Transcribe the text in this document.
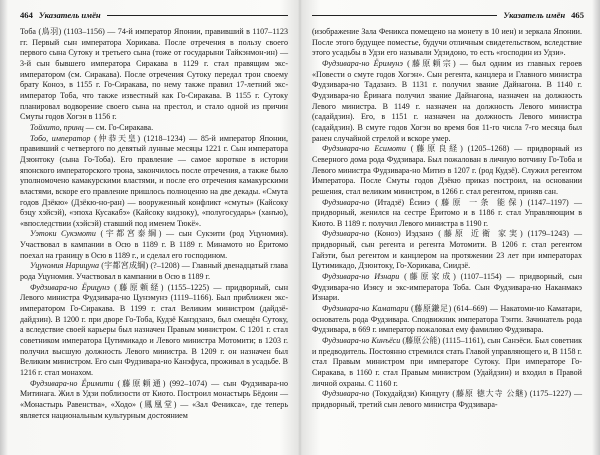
464 Указатель имён

Тоба (鳥羽) (1103–1156) — 74-й император Японии, правивший в 1107–1123 гг. Первый сын императора Хорикава. После отречения в пользу своего первого сына Сутоку и третьего сына (тоже от государыни Тайкэнмон-ин) — 3-й сын бывшего императора Сиракава в 1129 г. стал правящим экс-императором (см. Сиракава). После отречения Сутоку передал трон своему брату Коноэ, в 1155 г. Го-Сиракава, по нему также правил 17-летний экс-император Тоба, что также известный как Го-Сиракава. В 1155 г. Сутоку планировал водворение своего сына на престол, и стало одной из причин Смуты годов Хогэн в 1156 г.

Тойхито, принц — см. Го-Сиракава.

Тобо, император (仲恭天皇) (1218–1234) — 85-й император Японии, правивший с четвертого по девятый лунные месяцы 1221 г. Сын императора Дзюнтоку (сына Го-Тоба). Его правление — самое короткое в истории японского императорского трона, закончилось после отречения, а также было уполномочено камакурскими властями, и после его отречения камакурскими властями, вскоре его правление пришлось полноценно на две декады. «Смута годов Дзёкю» (Дзёкю-но-ран) — вооруженный конфликт «смуты» (Кайсоку бэцу хэйсэй), «эпоха Кусакабэ» (Кайсоку кидзоку), «полугосударь» (ханъю), «впоследствии (хэйсэй) ставший под именем Тюкё».

Уэтоки Сукэмоти (宇都宮泰綱) — сын Сукэити (род Уцуномия). Участвовал в кампании в Осю в 1189 г. В 1189 г. Минамото но Ёритомо поехал на границу в Осю в 1189 г., и сделал его господином.

Уцуномия Нарицуна (宇都宮成綱) (?–1208) — Главный двенадцатый глава рода Уцуномия. Участвовал в кампании в Осю в 1189 г.

Фудзивара-но Ёрицунэ (藤原頼経) (1155–1225) — придворный, сын Левого министра Фудзивара-но Цунэмунэ (1119–1166). Был приближен экс-императором Го-Сиракава. В 1199 г. стал Великим министром (дайдзё-дайдзин). В 1200 г. при дворе Го-Тоба, Кудзё Канэдзанэ, был смещён Сутоку, а вследствие своей карьеры был назначен Правым министром. С 1201 г. стал советником императора Цутимикадо и Левого министра Мотомити; в 1203 г. получил высшую должность Левого министра. В 1209 г. он назначен был Великим министром. Его сын Фудзивара-но Канэфуса, проживал в усадьбе. В 1216 г. стал монахом.

Фудзивара-но Ёримити (藤原頼通) (992–1074) — сын Фудзивара-но Митинага. Жил в Удзи поблизости от Киото. Построил монастырь Бёдоин — «Монастырь Равенства», «Ходо» (鳳凰堂) — «Зал Феникса», где теперь является национальным культурным достоянием

Указатель имён 465

(изображение Зала Феникса помещено на монету в 10 иен) и зеркала Японии. После этого будущее поместье, будучи отличным свидетельством, вследствие этого усадьбы в Удзи его называли Удзидоно, то есть «господин из Удзи».

Фудзивара-но Ёримунэ (藤原頼宗) — был одним из главных героев «Повести о смуте годов Хогэн». Сын регента, канцлера и Главного министра Фудзивара-но Тадазанэ. В 1131 г. получил звание Дайнагона. В 1140 г. Фудзивара-но Ёринага получил звание Дайнагона, назначен на должность Левого министра. В 1149 г. назначен на должность Левого министра (садайдзин). Его, в 1151 г. назначен на должность Левого министра (садайдзин). В смуте годов Хогэн во время боя 11-го числа 7-го месяца был ранен случайной стрелой и вскоре умер.

Фудзивара-но Есимоти (藤原良経) (1205–1268) — придворный из Северного дома рода Фудзивара. Был пожалован в личную вотчину Го-Тоба и Левого министра Фудзивара-но Митиэ в 1207 г. (род Кудзё). Служил регентом Императора. После Смуты годов Дзёкю приказ построил, на основании решения, стал великим министром, в 1266 г. стал регентом, приняв сан.

Фудзивара-но (Итадзё) Ёсииэ (藤原 一条 能保) (1147–1197) — придворный, женился на сестре Ёритомо и в 1186 г. стал Управляющим в Киото. В 1189 г. получил Левого министра в 1190 г.

Фудзивара-но (Коноэ) Иэдзанэ (藤原 近衛 家実) (1179–1243) — придворный, сын регента и регента Мотомити. В 1206 г. стал регентом Гайэти, был регентом и канцлером на протяжении 23 лет при императорах Цутимикадо, Дзюнтоку, Го-Хорикава, Сиидзё.

Фудзивара-но Изнари (藤原家成) (1107–1154) — придворный, сын Фудзивара-но Иэясу и экс-императора Тоба. Сын Фудзивара-но Наканмакэ Изнари.

Фудзивара-но Каматари (藤原鎌足) (614–669) — Накатоми-но Каматари, основатель рода Фудзивара. Сподвижник императора Тэнти. Зачинатель рода Фудзивара, в 669 г. император пожаловал ему фамилию Фудзивара.

Фудзивара-но Кинъёси (藤原公能) (1115–1161), сын Санэёси. Был советник и предводитель. Постоянно стремился стать Главой управляющего и, В 1158 г. стал Правым министром при императоре Сутоку. При императоре Го-Сиракава, в 1160 г. стал Правым министром (Удайдзин) и входил в Правой личной охраны. С 1160 г.

Фудзивара-но (Токудайдзи) Кинцугу (藤原 徳大寺 公継) (1175–1227) — придворный, третий сын левого министра Фудзивара-
